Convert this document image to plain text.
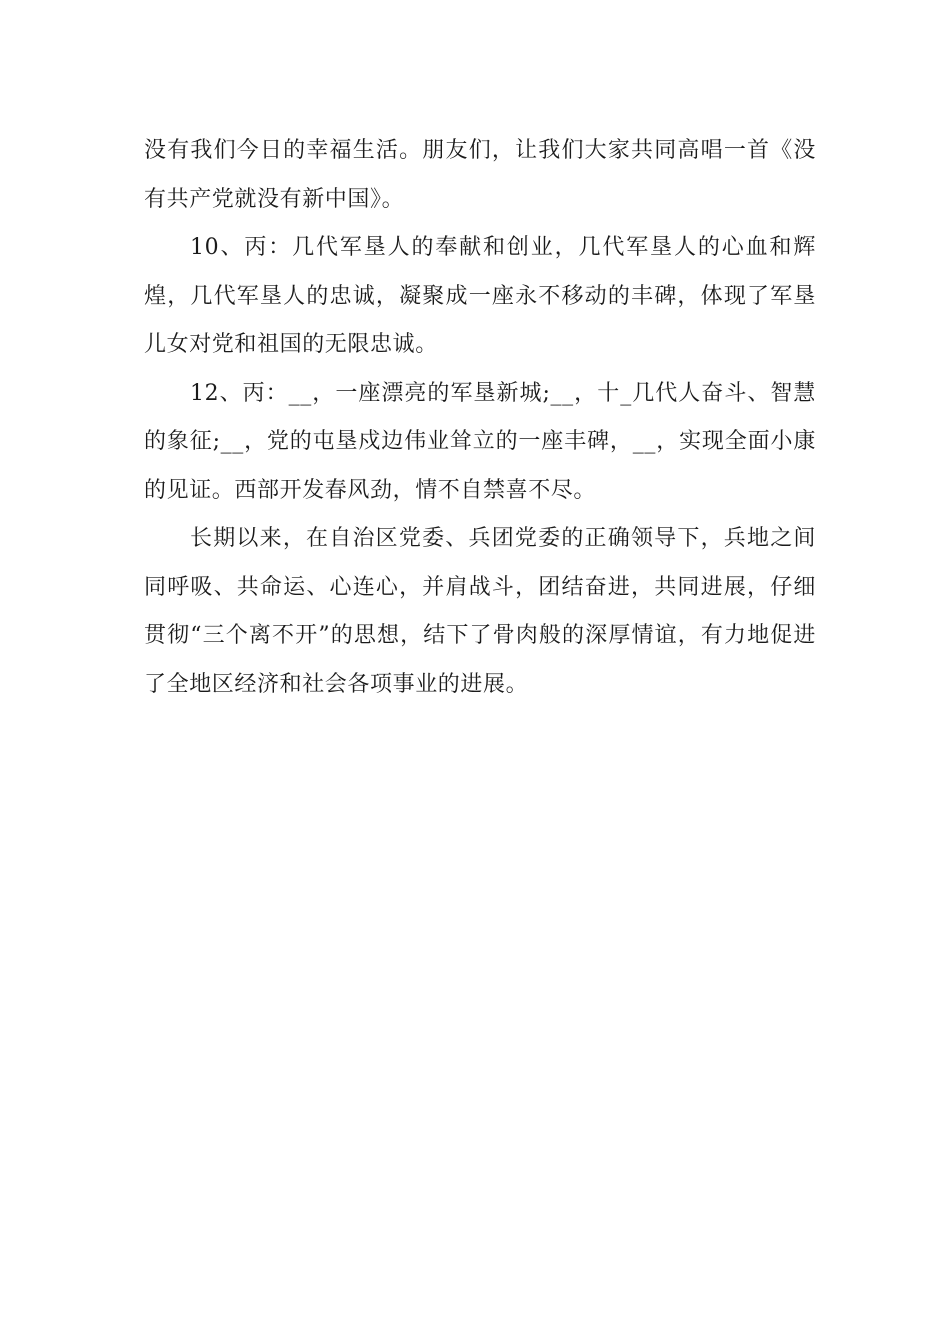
没有我们今日的幸福生活。朋友们，让我们大家共同高唱一首《没有共产党就没有新中国》。

10、丙：几代军垦人的奉献和创业，几代军垦人的心血和辉煌，几代军垦人的忠诚，凝聚成一座永不移动的丰碑，体现了军垦儿女对党和祖国的无限忠诚。

12、丙：__，一座漂亮的军垦新城;__，十_几代人奋斗、智慧的象征;__，党的屯垦戍边伟业耸立的一座丰碑，__，实现全面小康的见证。西部开发春风劲，情不自禁喜不尽。

长期以来，在自治区党委、兵团党委的正确领导下，兵地之间同呼吸、共命运、心连心，并肩战斗，团结奋进，共同进展，仔细贯彻“三个离不开”的思想，结下了骨肉般的深厚情谊，有力地促进了全地区经济和社会各项事业的进展。
